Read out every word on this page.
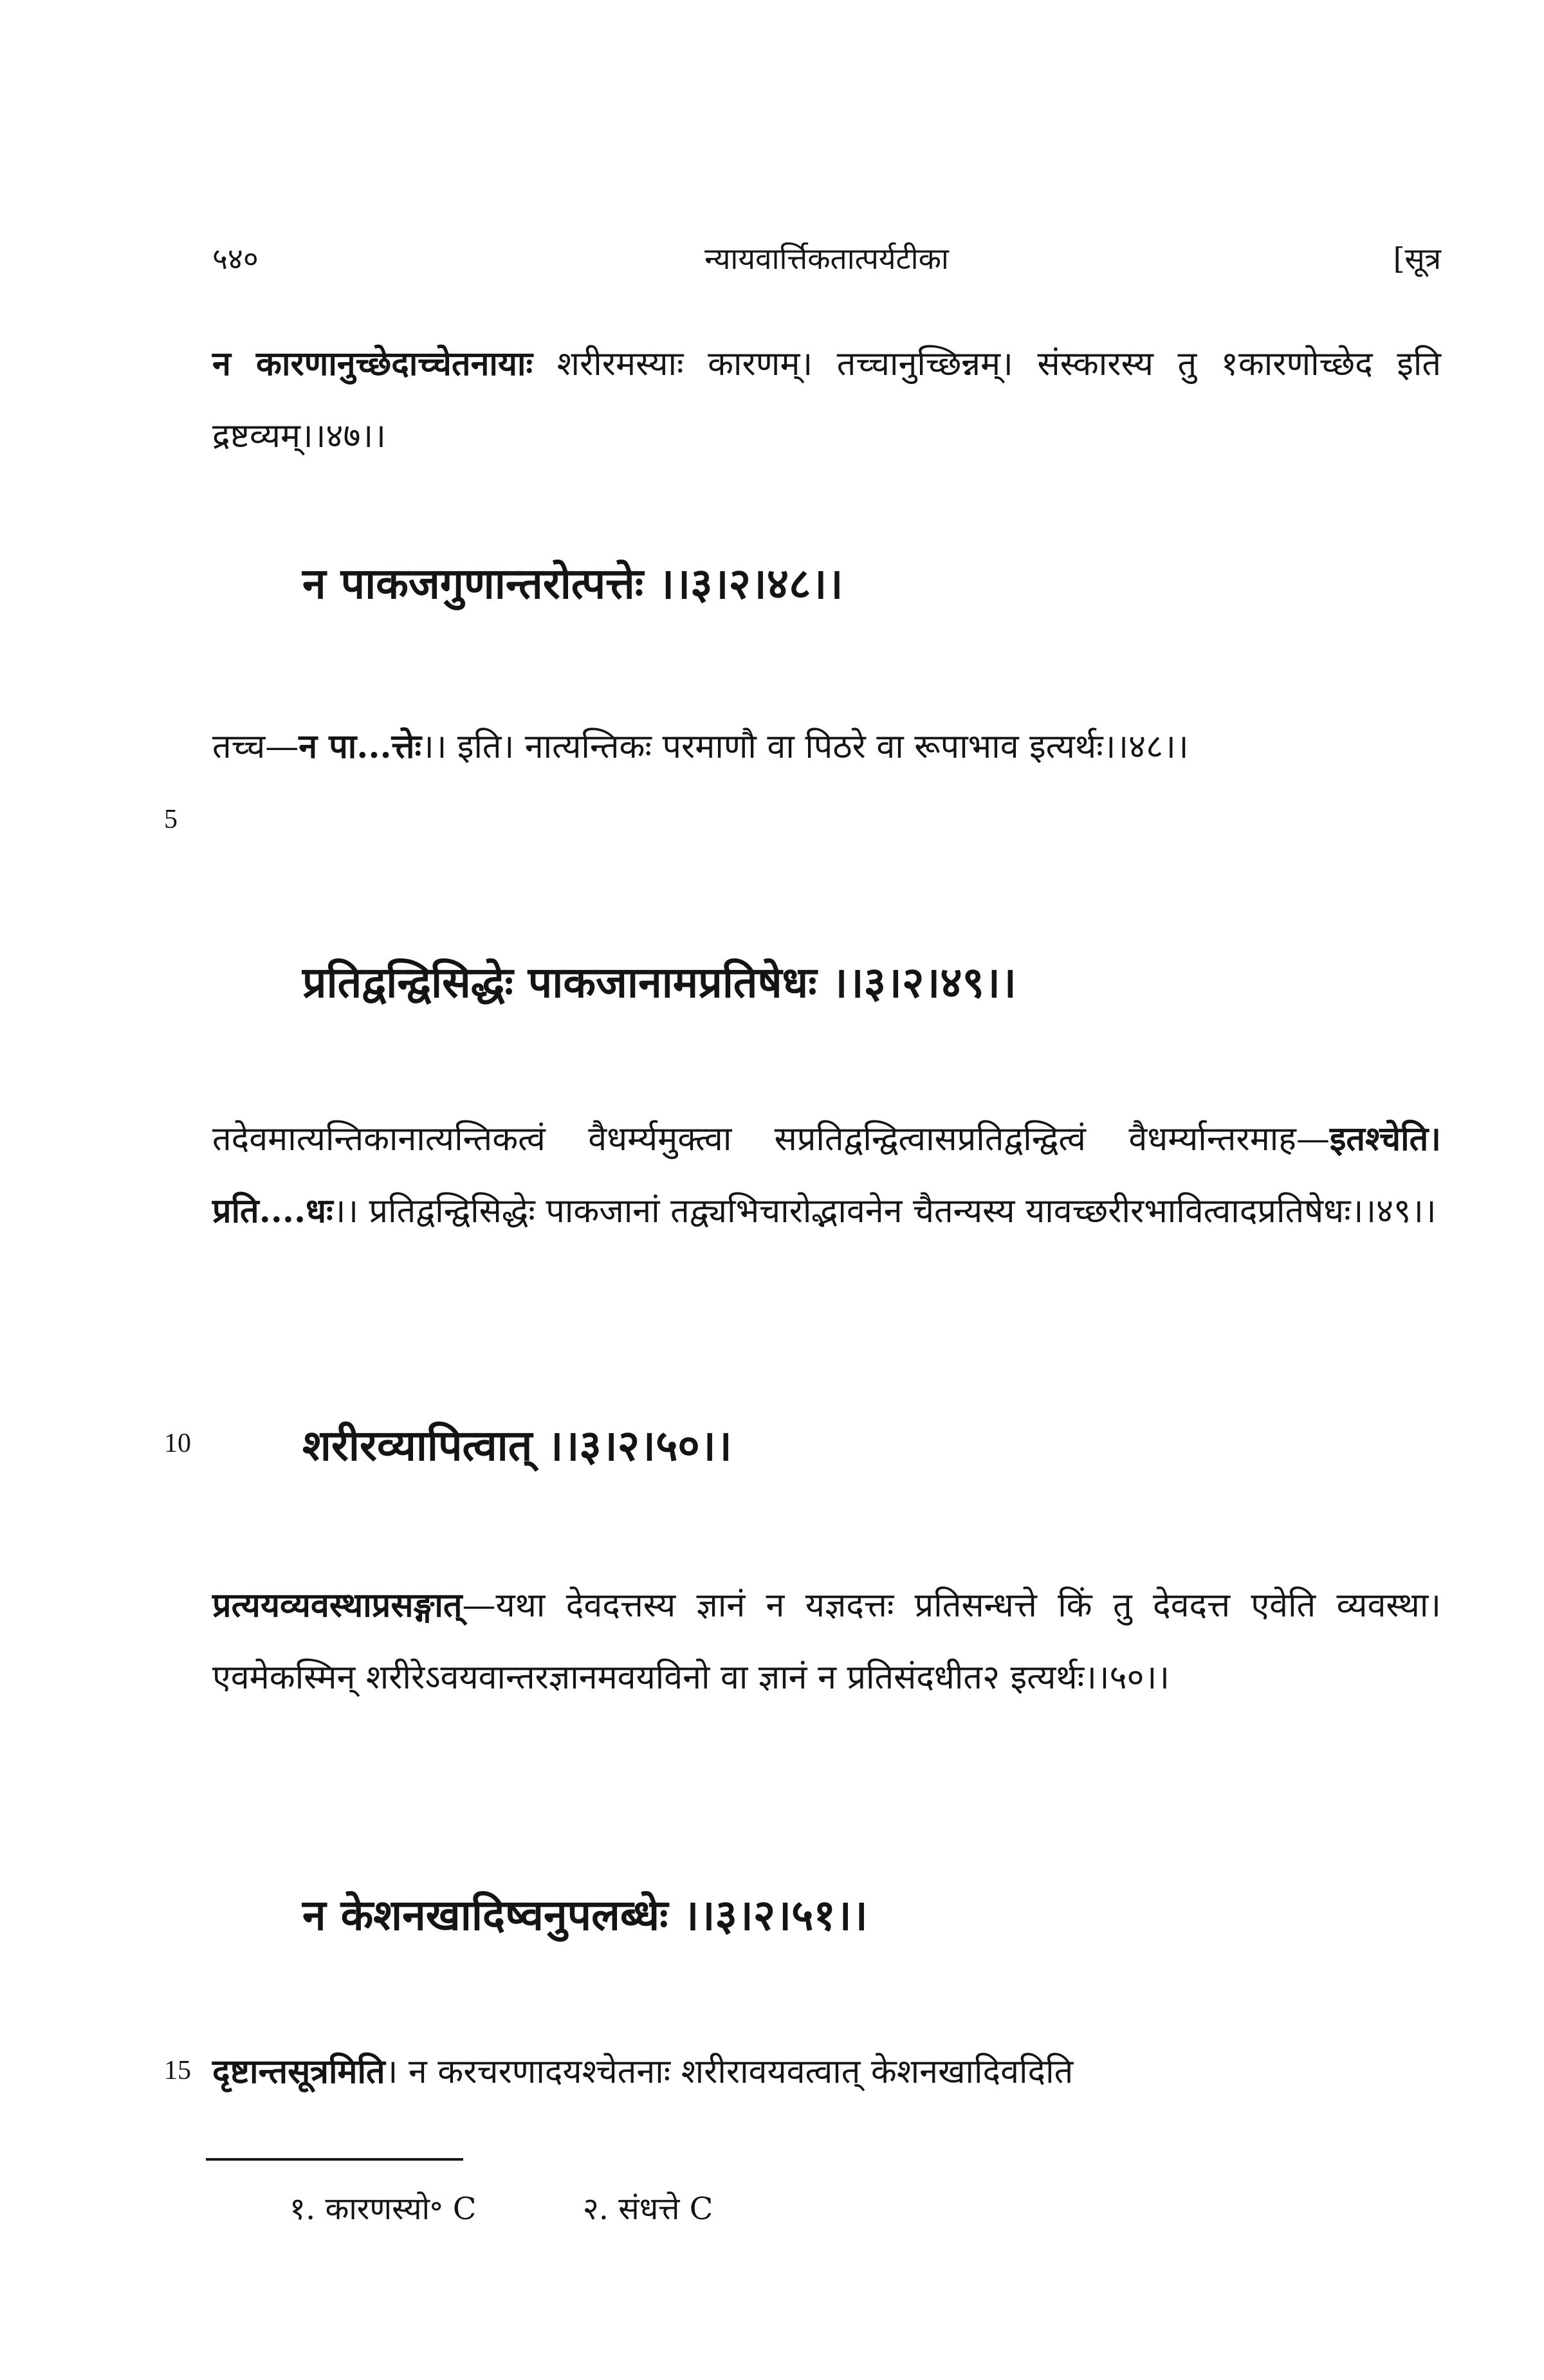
५४०	न्यायवार्त्तिकतात्पर्यटीका	[सूत्र
न कारणानुच्छेदाच्चेतनायाः शरीरमस्याः कारणम्। तच्चानुच्छिन्नम्। संस्कारस्य तु १कारणोच्छेद इति द्रष्टव्यम्।।४७।।
न पाकजगुणान्तरोत्पत्तेः ।।३।२।४८।।
तच्च—न पा...त्तेः।। इति। नात्यन्तिकः परमाणौ वा पिठरे वा रूपाभाव इत्यर्थः।।४८।।
5
प्रतिद्वन्द्विसिद्धेः पाकजानामप्रतिषेधः ।।३।२।४९।।
तदेवमात्यन्तिकानात्यन्तिकत्वं वैधर्म्यमुक्त्वा सप्रतिद्वन्द्वित्वासप्रतिद्वन्द्वित्वं वैधर्म्यान्तरमाह—इतश्चेति। प्रति....धः।। प्रतिद्वन्द्विसिद्धेः पाकजानां तद्व्यभिचारोद्भावनेन चैतन्यस्य यावच्छरीरभावित्वादप्रतिषेधः।।४९।।
10	शरीरव्यापित्वात् ।।३।२।५०।।
प्रत्ययव्यवस्थाप्रसङ्गात्—यथा देवदत्तस्य ज्ञानं न यज्ञदत्तः प्रतिसन्धत्ते किं तु देवदत्त एवेति व्यवस्था। एवमेकस्मिन् शरीरेऽवयवान्तरज्ञानमवयविनो वा ज्ञानं न प्रतिसंदधीत२ इत्यर्थः।।५०।।
न केशनखादिष्वनुपलब्धेः ।।३।२।५१।।
15 दृष्टान्तसूत्रमिति। न करचरणादयश्चेतनाः शरीरावयवत्वात् केशनखादिवदिति
१. कारणस्यो॰ C	२. संधत्ते C
